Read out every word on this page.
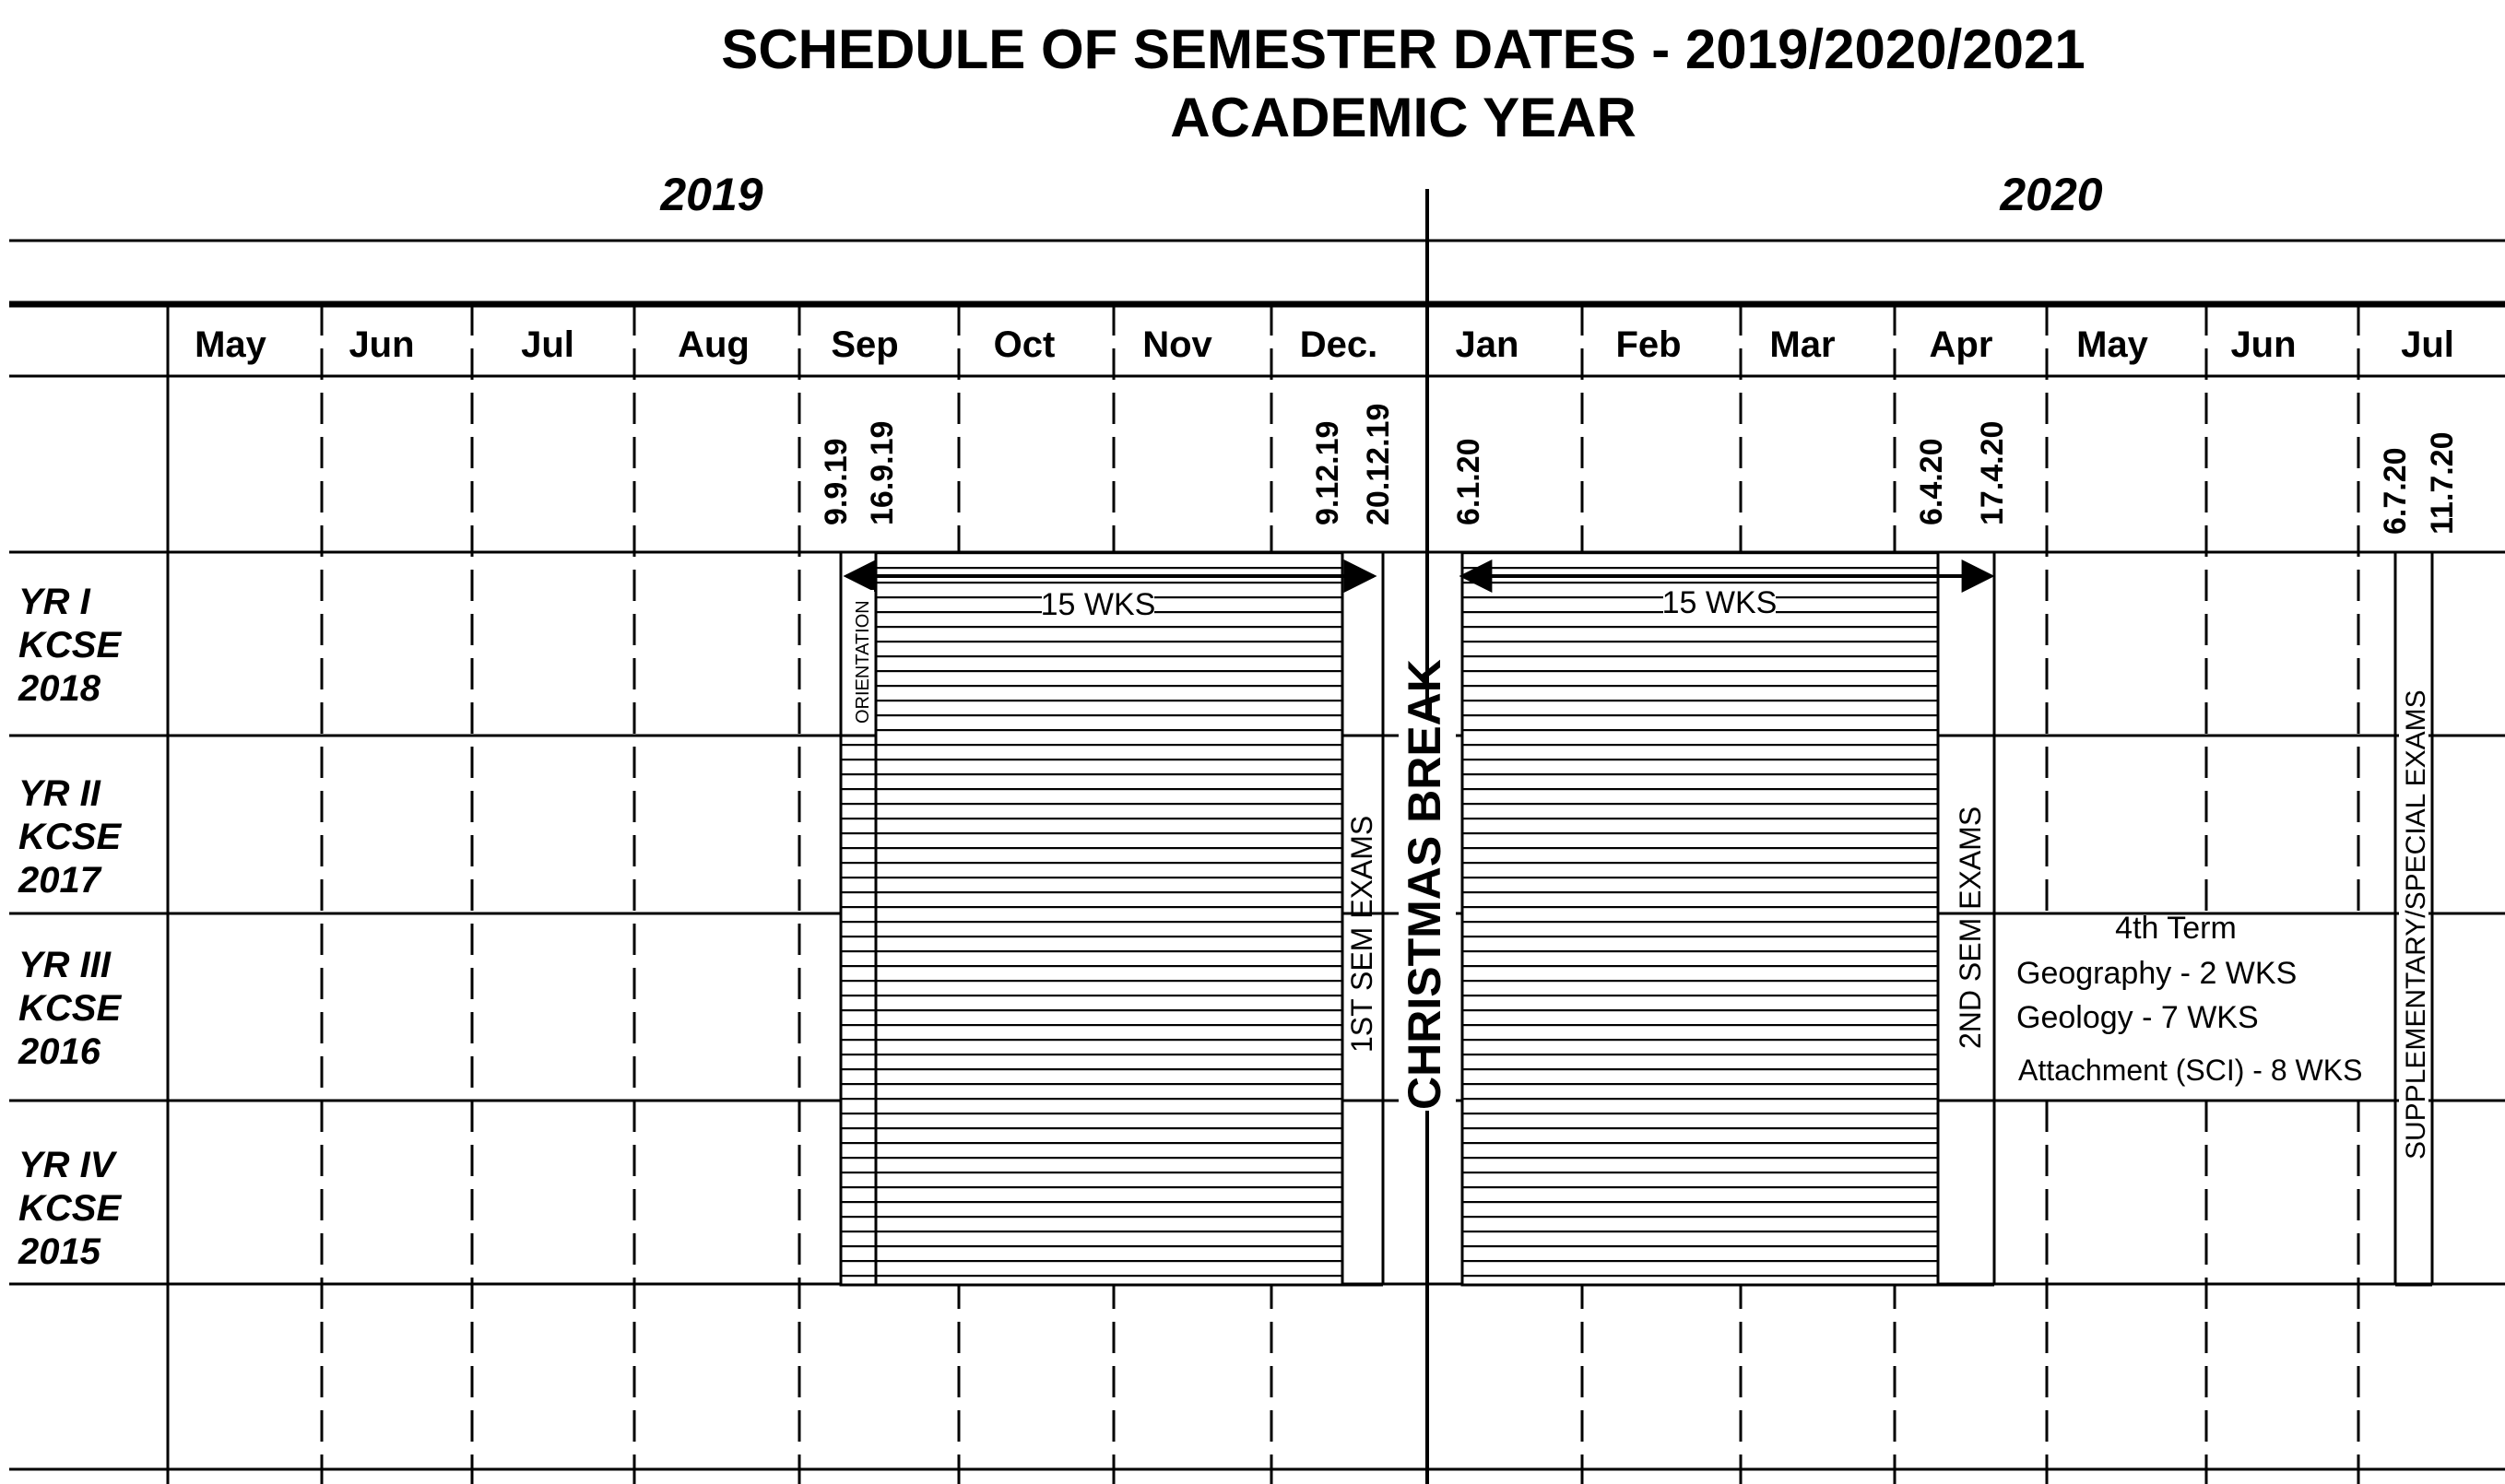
SCHEDULE OF SEMESTER DATES - 2019/2020/2021
ACADEMIC YEAR
2019	2020
May Jun	Jul	Aug Sep	Oct Nov Dec. Jan	Feb Mar	Apr May Jun	Jul
9.9.19 16.9.19	9.12.19 20.12.19 6.1.20	6.4.20 17.4.20	6.7.20 11.7.20
YR I
KCSE
2018
YR II
KCSE
2017
YR III
KCSE
2016
YR IV
KCSE
2015
15 WKS	15 WKS
ORIENTATION
1ST SEM EXAMS CHRISTMAS BREAK	2ND SEM EXAMS	SUPPLEMENTARY/SPECIAL EXAMS
4th Term
Geography - 2 WKS
Geology - 7 WKS
Attachment (SCI) - 8 WKS
